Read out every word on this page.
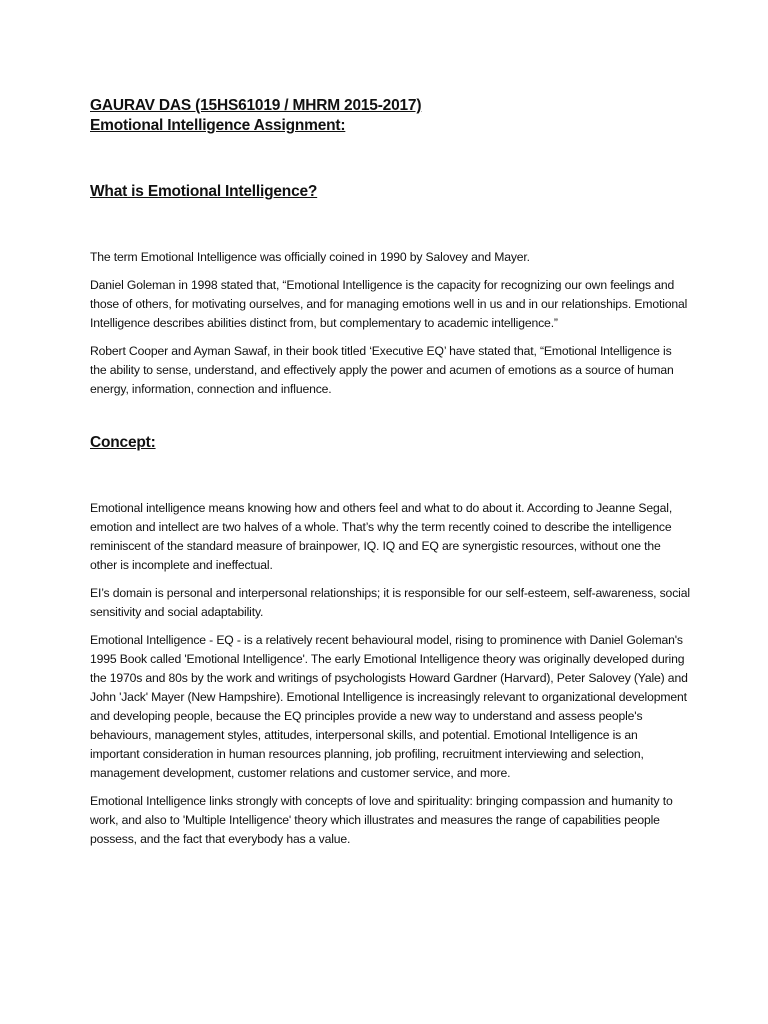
GAURAV DAS (15HS61019 / MHRM 2015-2017)

Emotional Intelligence Assignment:

What is Emotional Intelligence?

The term Emotional Intelligence was officially coined in 1990 by Salovey and Mayer.

Daniel Goleman in 1998 stated that, “Emotional Intelligence is the capacity for recognizing our own feelings and those of others, for motivating ourselves, and for managing emotions well in us and in our relationships. Emotional Intelligence describes abilities distinct from, but complementary to academic intelligence.”

Robert Cooper and Ayman Sawaf, in their book titled ‘Executive EQ’ have stated that, “Emotional Intelligence is the ability to sense, understand, and effectively apply the power and acumen of emotions as a source of human energy, information, connection and influence.

Concept:

Emotional intelligence means knowing how and others feel and what to do about it. According to Jeanne Segal, emotion and intellect are two halves of a whole. That’s why the term recently coined to describe the intelligence reminiscent of the standard measure of brainpower, IQ. IQ and EQ are synergistic resources, without one the other is incomplete and ineffectual.

EI’s domain is personal and interpersonal relationships; it is responsible for our self-esteem, self-awareness, social sensitivity and social adaptability.

Emotional Intelligence - EQ - is a relatively recent behavioural model, rising to prominence with Daniel Goleman's 1995 Book called 'Emotional Intelligence'. The early Emotional Intelligence theory was originally developed during the 1970s and 80s by the work and writings of psychologists Howard Gardner (Harvard), Peter Salovey (Yale) and John 'Jack' Mayer (New Hampshire). Emotional Intelligence is increasingly relevant to organizational development and developing people, because the EQ principles provide a new way to understand and assess people's behaviours, management styles, attitudes, interpersonal skills, and potential. Emotional Intelligence is an important consideration in human resources planning, job profiling, recruitment interviewing and selection, management development, customer relations and customer service, and more.

Emotional Intelligence links strongly with concepts of love and spirituality: bringing compassion and humanity to work, and also to 'Multiple Intelligence' theory which illustrates and measures the range of capabilities people possess, and the fact that everybody has a value.
